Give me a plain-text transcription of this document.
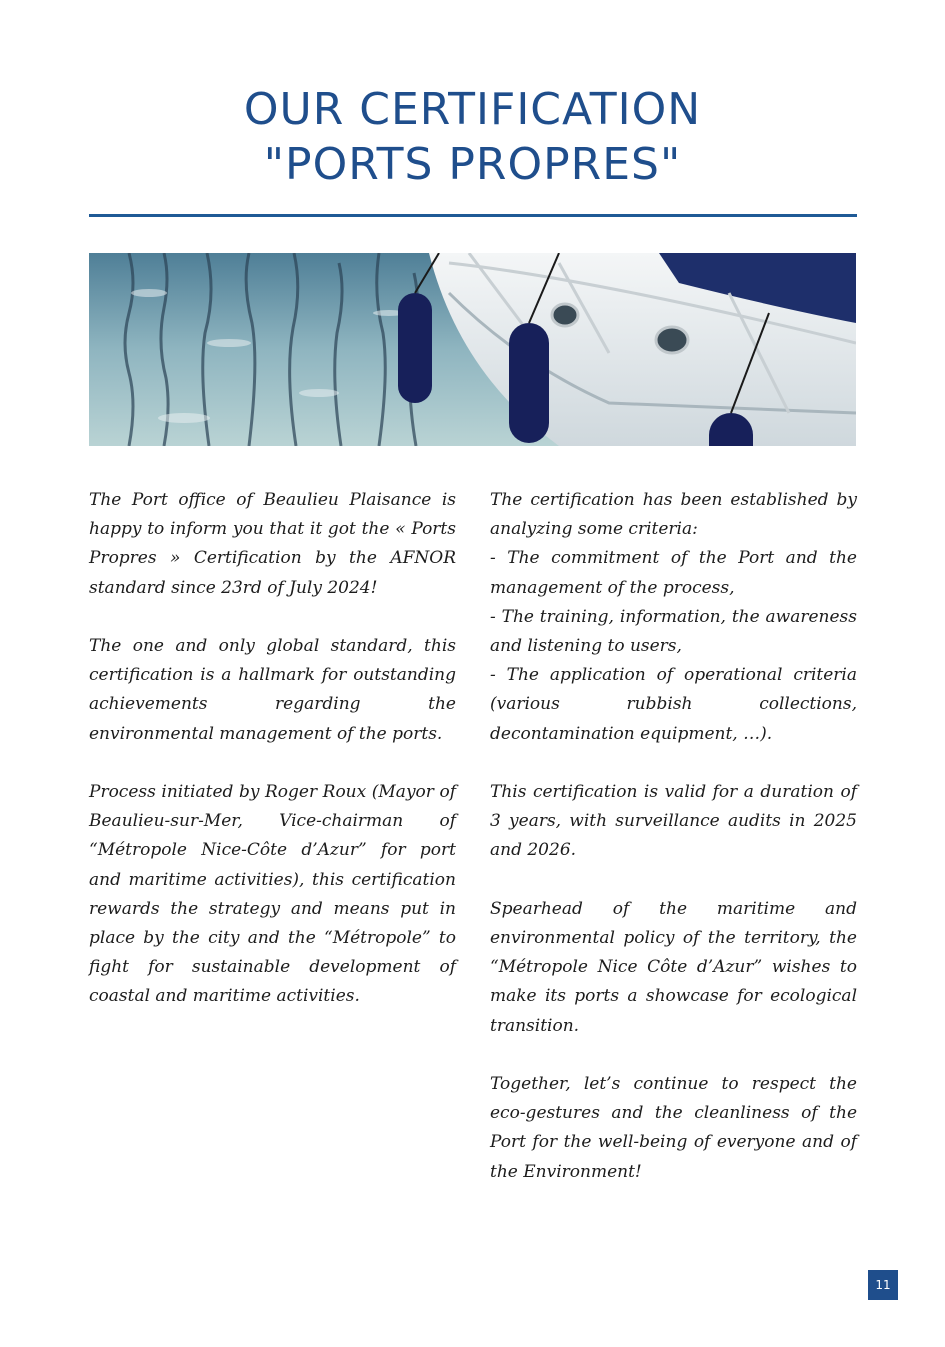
OUR CERTIFICATION
"PORTS PROPRES"

The Port office of Beaulieu Plaisance is happy to inform you that it got the « Ports Propres » Certification by the AFNOR standard since 23rd of July 2024!

The one and only global standard, this certification is a hallmark for outstanding achievements regarding the environmental management of the ports.

Process initiated by Roger Roux (Mayor of Beaulieu-sur-Mer, Vice-chairman of “Métropole Nice-Côte d’Azur” for port and maritime activities), this certification rewards the strategy and means put in place by the city and the “Métropole” to fight for sustainable development of coastal and maritime activities.

The certification has been established by analyzing some criteria:
- The commitment of the Port and the management of the process,
- The training, information, the awareness and listening to users,
- The application of operational criteria (various rubbish collections, decontamination equipment, …).

This certification is valid for a duration of 3 years, with surveillance audits in 2025 and 2026.

Spearhead of the maritime and environmental policy of the territory, the “Métropole Nice Côte d’Azur” wishes to make its ports a showcase for ecological transition.

Together, let’s continue to respect the eco-gestures and the cleanliness of the Port for the well-being of everyone and of the Environment!

11
